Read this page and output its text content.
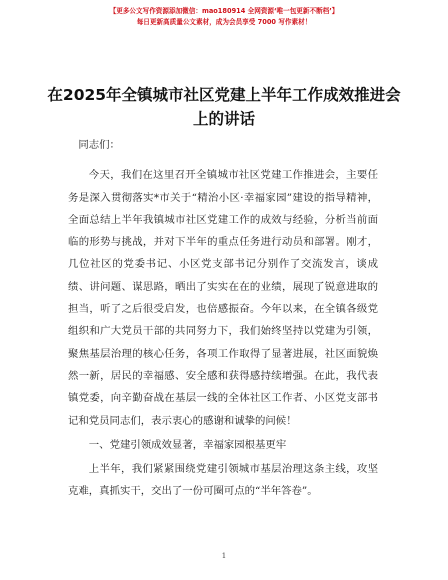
【更多公文写作资源添加微信：mao180914 全网资源‘唯一包更新不断档’】
每日更新高质量公文素材，成为会员享受 7000 写作素材！
在2025年全镇城市社区党建上半年工作成效推进会上的讲话

同志们：

今天，我们在这里召开全镇城市社区党建工作推进会，主要任务是深入贯彻落实*市关于“精治小区·幸福家园”建设的指导精神，全面总结上半年我镇城市社区党建工作的成效与经验，分析当前面临的形势与挑战，并对下半年的重点任务进行动员和部署。刚才，几位社区的党委书记、小区党支部书记分别作了交流发言，谈成绩、讲问题、谋思路，晒出了实实在在的业绩，展现了锐意进取的担当，听了之后很受启发，也倍感振奋。今年以来，在全镇各级党组织和广大党员干部的共同努力下，我们始终坚持以党建为引领，聚焦基层治理的核心任务，各项工作取得了显著进展，社区面貌焕然一新，居民的幸福感、安全感和获得感持续增强。在此，我代表镇党委，向辛勤奋战在基层一线的全体社区工作者、小区党支部书记和党员同志们，表示衷心的感谢和诚挚的问候！

一、党建引领成效显著，幸福家园根基更牢

上半年，我们紧紧围绕党建引领城市基层治理这条主线，攻坚克难，真抓实干，交出了一份可圈可点的“半年答卷”。

1
